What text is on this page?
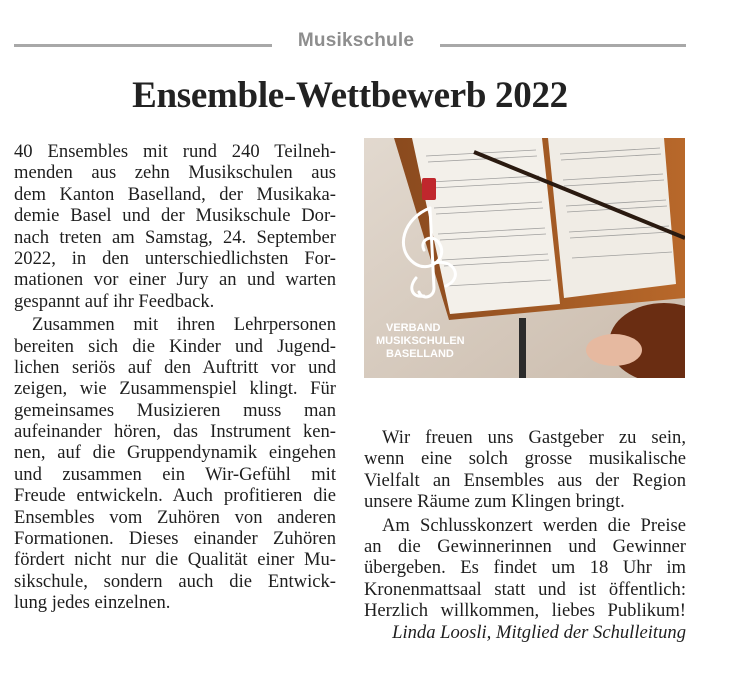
Musikschule
Ensemble-Wettbewerb 2022
40 Ensembles mit rund 240 Teilneh-
menden aus zehn Musikschulen aus
dem Kanton Baselland, der Musikaka-
demie Basel und der Musikschule Dor-
nach treten am Samstag, 24. September
2022, in den unterschiedlichsten For-
mationen vor einer Jury an und warten
gespannt auf ihr Feedback.
Zusammen mit ihren Lehrpersonen
bereiten sich die Kinder und Jugend-
lichen seriös auf den Auftritt vor und
zeigen, wie Zusammenspiel klingt. Für
gemeinsames Musizieren muss man
aufeinander hören, das Instrument ken-
nen, auf die Gruppendynamik eingehen
und zusammen ein Wir-Gefühl mit
Freude entwickeln. Auch profitieren die
Ensembles vom Zuhören von anderen
Formationen. Dieses einander Zuhören
fördert nicht nur die Qualität einer Mu-
sikschule, sondern auch die Entwick-
lung jedes einzelnen.
VERBAND MUSIKSCHULEN BASELLAND
Wir freuen uns Gastgeber zu sein,
wenn eine solch grosse musikalische
Vielfalt an Ensembles aus der Region
unsere Räume zum Klingen bringt.
Am Schlusskonzert werden die Preise
an die Gewinnerinnen und Gewinner
übergeben. Es findet um 18 Uhr im
Kronenmattsaal statt und ist öffentlich:
Herzlich willkommen, liebes Publikum!
Linda Loosli, Mitglied der Schulleitung
